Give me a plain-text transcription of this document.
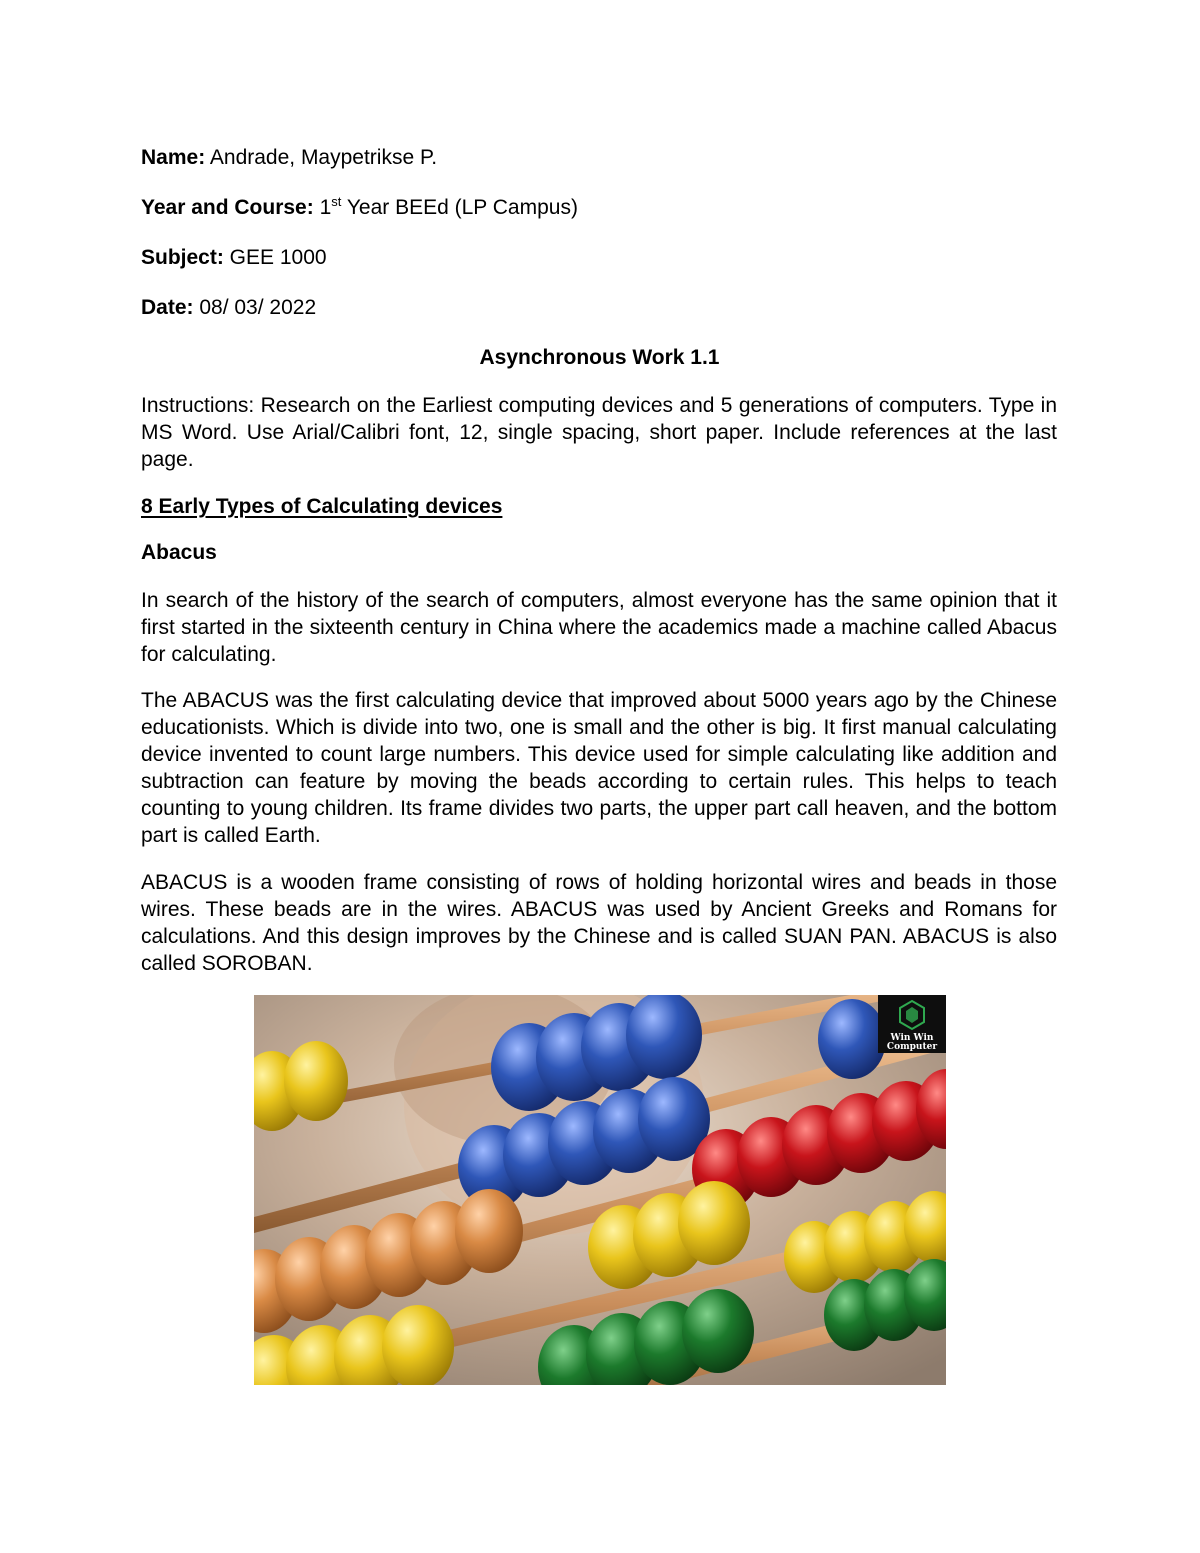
Name: Andrade, Maypetrikse P.
Year and Course: 1st Year BEEd (LP Campus)
Subject: GEE 1000
Date: 08/ 03/ 2022
Asynchronous Work 1.1

Instructions: Research on the Earliest computing devices and 5 generations of computers. Type in MS Word. Use Arial/Calibri font, 12, single spacing, short paper. Include references at the last page.

8 Early Types of Calculating devices
Abacus

In search of the history of the search of computers, almost everyone has the same opinion that it first started in the sixteenth century in China where the academics made a machine called Abacus for calculating.

The ABACUS was the first calculating device that improved about 5000 years ago by the Chinese educationists. Which is divide into two, one is small and the other is big. It first manual calculating device invented to count large numbers. This device used for simple calculating like addition and subtraction can feature by moving the beads according to certain rules. This helps to teach counting to young children. Its frame divides two parts, the upper part call heaven, and the bottom part is called Earth.

ABACUS is a wooden frame consisting of rows of holding horizontal wires and beads in those wires. These beads are in the wires. ABACUS was used by Ancient Greeks and Romans for calculations. And this design improves by the Chinese and is called SUAN PAN. ABACUS is also called SOROBAN.

Win Win
Computer
